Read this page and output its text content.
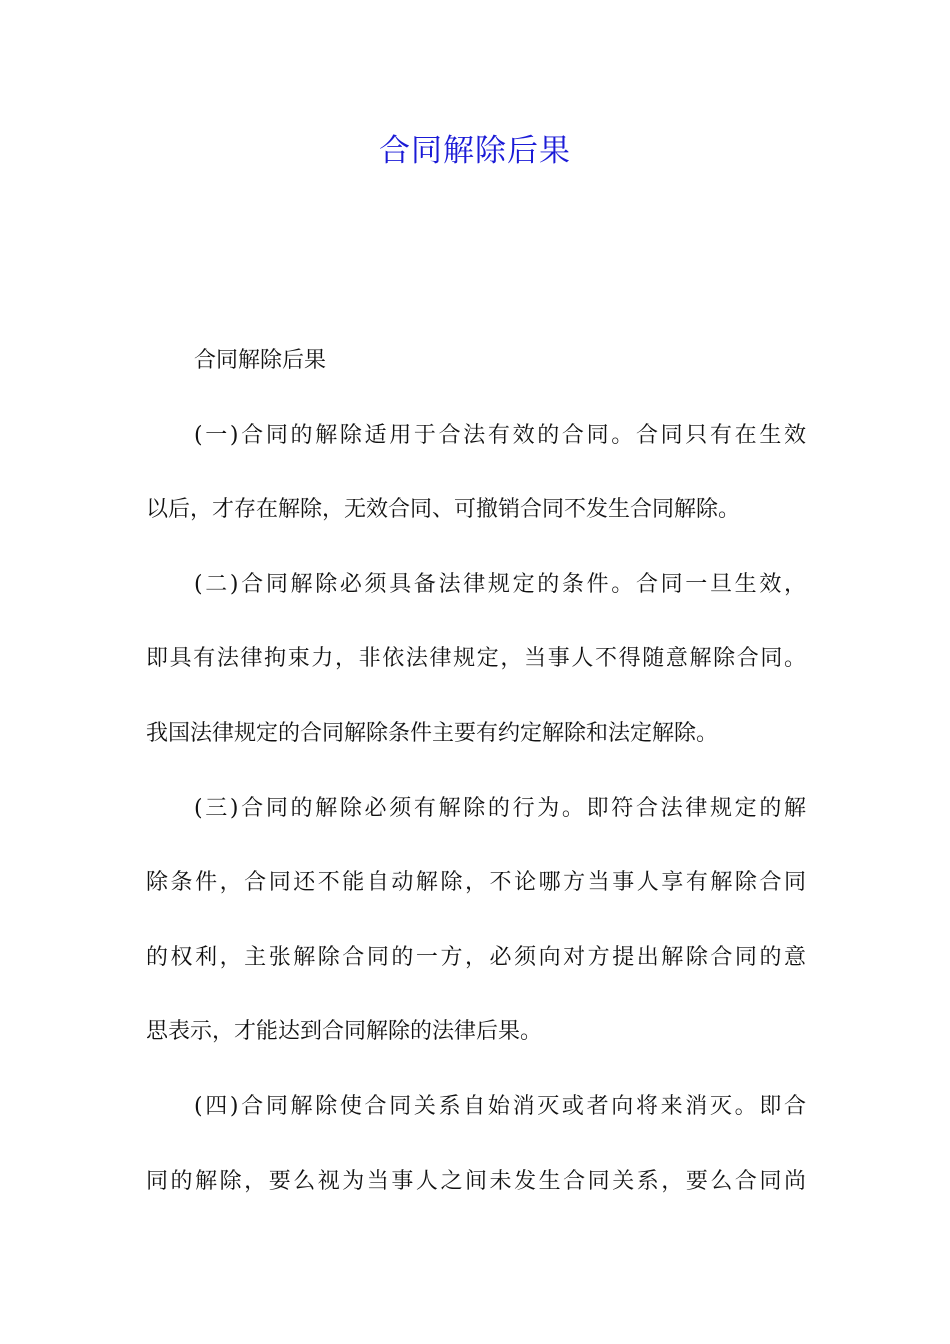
合同解除后果
合同解除后果
(一)合同的解除适用于合法有效的合同。合同只有在生效
以后，才存在解除，无效合同、可撤销合同不发生合同解除。
(二)合同解除必须具备法律规定的条件。合同一旦生效，
即具有法律拘束力，非依法律规定，当事人不得随意解除合同。
我国法律规定的合同解除条件主要有约定解除和法定解除。
(三)合同的解除必须有解除的行为。即符合法律规定的解
除条件，合同还不能自动解除，不论哪方当事人享有解除合同
的权利，主张解除合同的一方，必须向对方提出解除合同的意
思表示，才能达到合同解除的法律后果。
(四)合同解除使合同关系自始消灭或者向将来消灭。即合
同的解除，要么视为当事人之间未发生合同关系，要么合同尚
